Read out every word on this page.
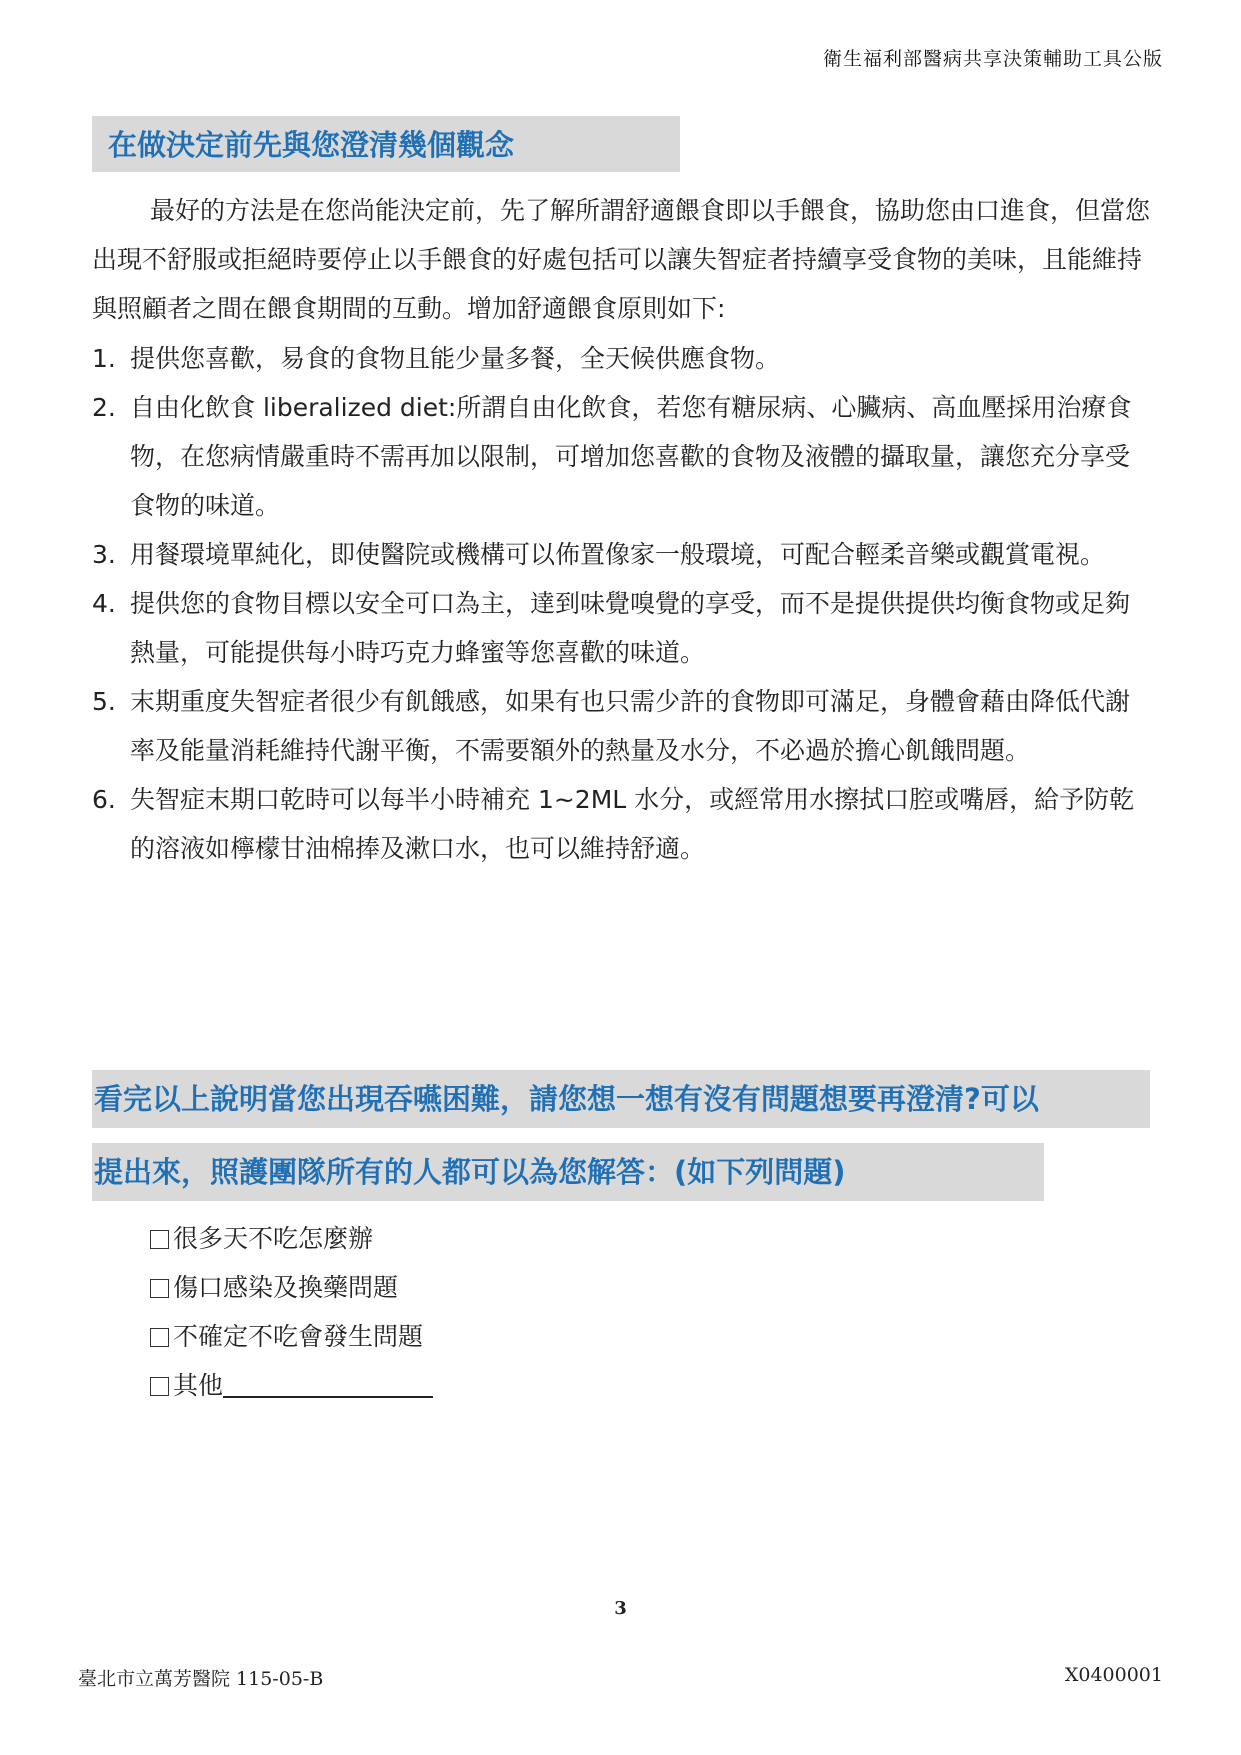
衛生福利部醫病共享決策輔助工具公版
在做決定前先與您澄清幾個觀念

最好的方法是在您尚能決定前，先了解所謂舒適餵食即以手餵食，協助您由口進食，但當您出現不舒服或拒絕時要停止以手餵食的好處包括可以讓失智症者持續享受食物的美味，且能維持與照顧者之間在餵食期間的互動。增加舒適餵食原則如下:

1. 提供您喜歡，易食的食物且能少量多餐，全天候供應食物。
2. 自由化飲食 liberalized diet:所謂自由化飲食，若您有糖尿病、心臟病、高血壓採用治療食物，在您病情嚴重時不需再加以限制，可增加您喜歡的食物及液體的攝取量，讓您充分享受食物的味道。
3. 用餐環境單純化，即使醫院或機構可以佈置像家一般環境，可配合輕柔音樂或觀賞電視。
4. 提供您的食物目標以安全可口為主，達到味覺嗅覺的享受，而不是提供提供均衡食物或足夠熱量，可能提供每小時巧克力蜂蜜等您喜歡的味道。
5. 末期重度失智症者很少有飢餓感，如果有也只需少許的食物即可滿足，身體會藉由降低代謝率及能量消耗維持代謝平衡，不需要額外的熱量及水分，不必過於擔心飢餓問題。
6. 失智症末期口乾時可以每半小時補充 1~2ML 水分，或經常用水擦拭口腔或嘴唇，給予防乾的溶液如檸檬甘油棉捧及漱口水，也可以維持舒適。
看完以上說明當您出現吞嚥困難，請您想一想有沒有問題想要再澄清?可以
提出來，照護團隊所有的人都可以為您解答：(如下列問題)
很多天不吃怎麼辦
傷口感染及換藥問題
不確定不吃會發生問題
其他
3
臺北市立萬芳醫院 115-05-B	X0400001
